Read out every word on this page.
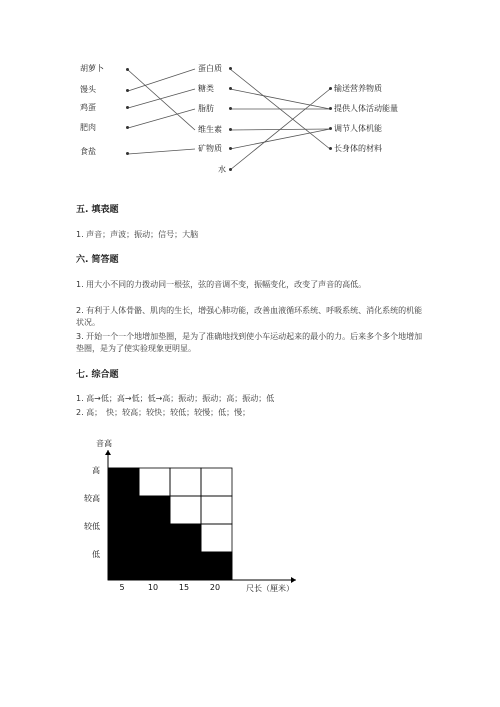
胡萝卜
馒头
鸡蛋
肥肉
食盐
蛋白质
糖类
脂肪
维生素
矿物质
水
输送营养物质
提供人体活动能量
调节人体机能
长身体的材料
五. 填表题
1. 声音；声波；振动；信号；大脑
六. 简答题
1. 用大小不同的力拨动同一根弦，弦的音调不变，振幅变化，改变了声音的高低。
2. 有利于人体骨骼、肌肉的生长，增强心肺功能，改善血液循环系统、呼吸系统、消化系统的机能状况。
3. 开始一个一个地增加垫圈，是为了准确地找到使小车运动起来的最小的力。后来多个多个地增加垫圈，是为了使实验现象更明显。
七. 综合题
1. 高→低；高→低；低→高；振动；振动；高；振动；低
2. 高；　快；较高；较快；较低；较慢；低；慢；
低
较低
较高
高
5	10	15	20	尺长（厘米）
音高
